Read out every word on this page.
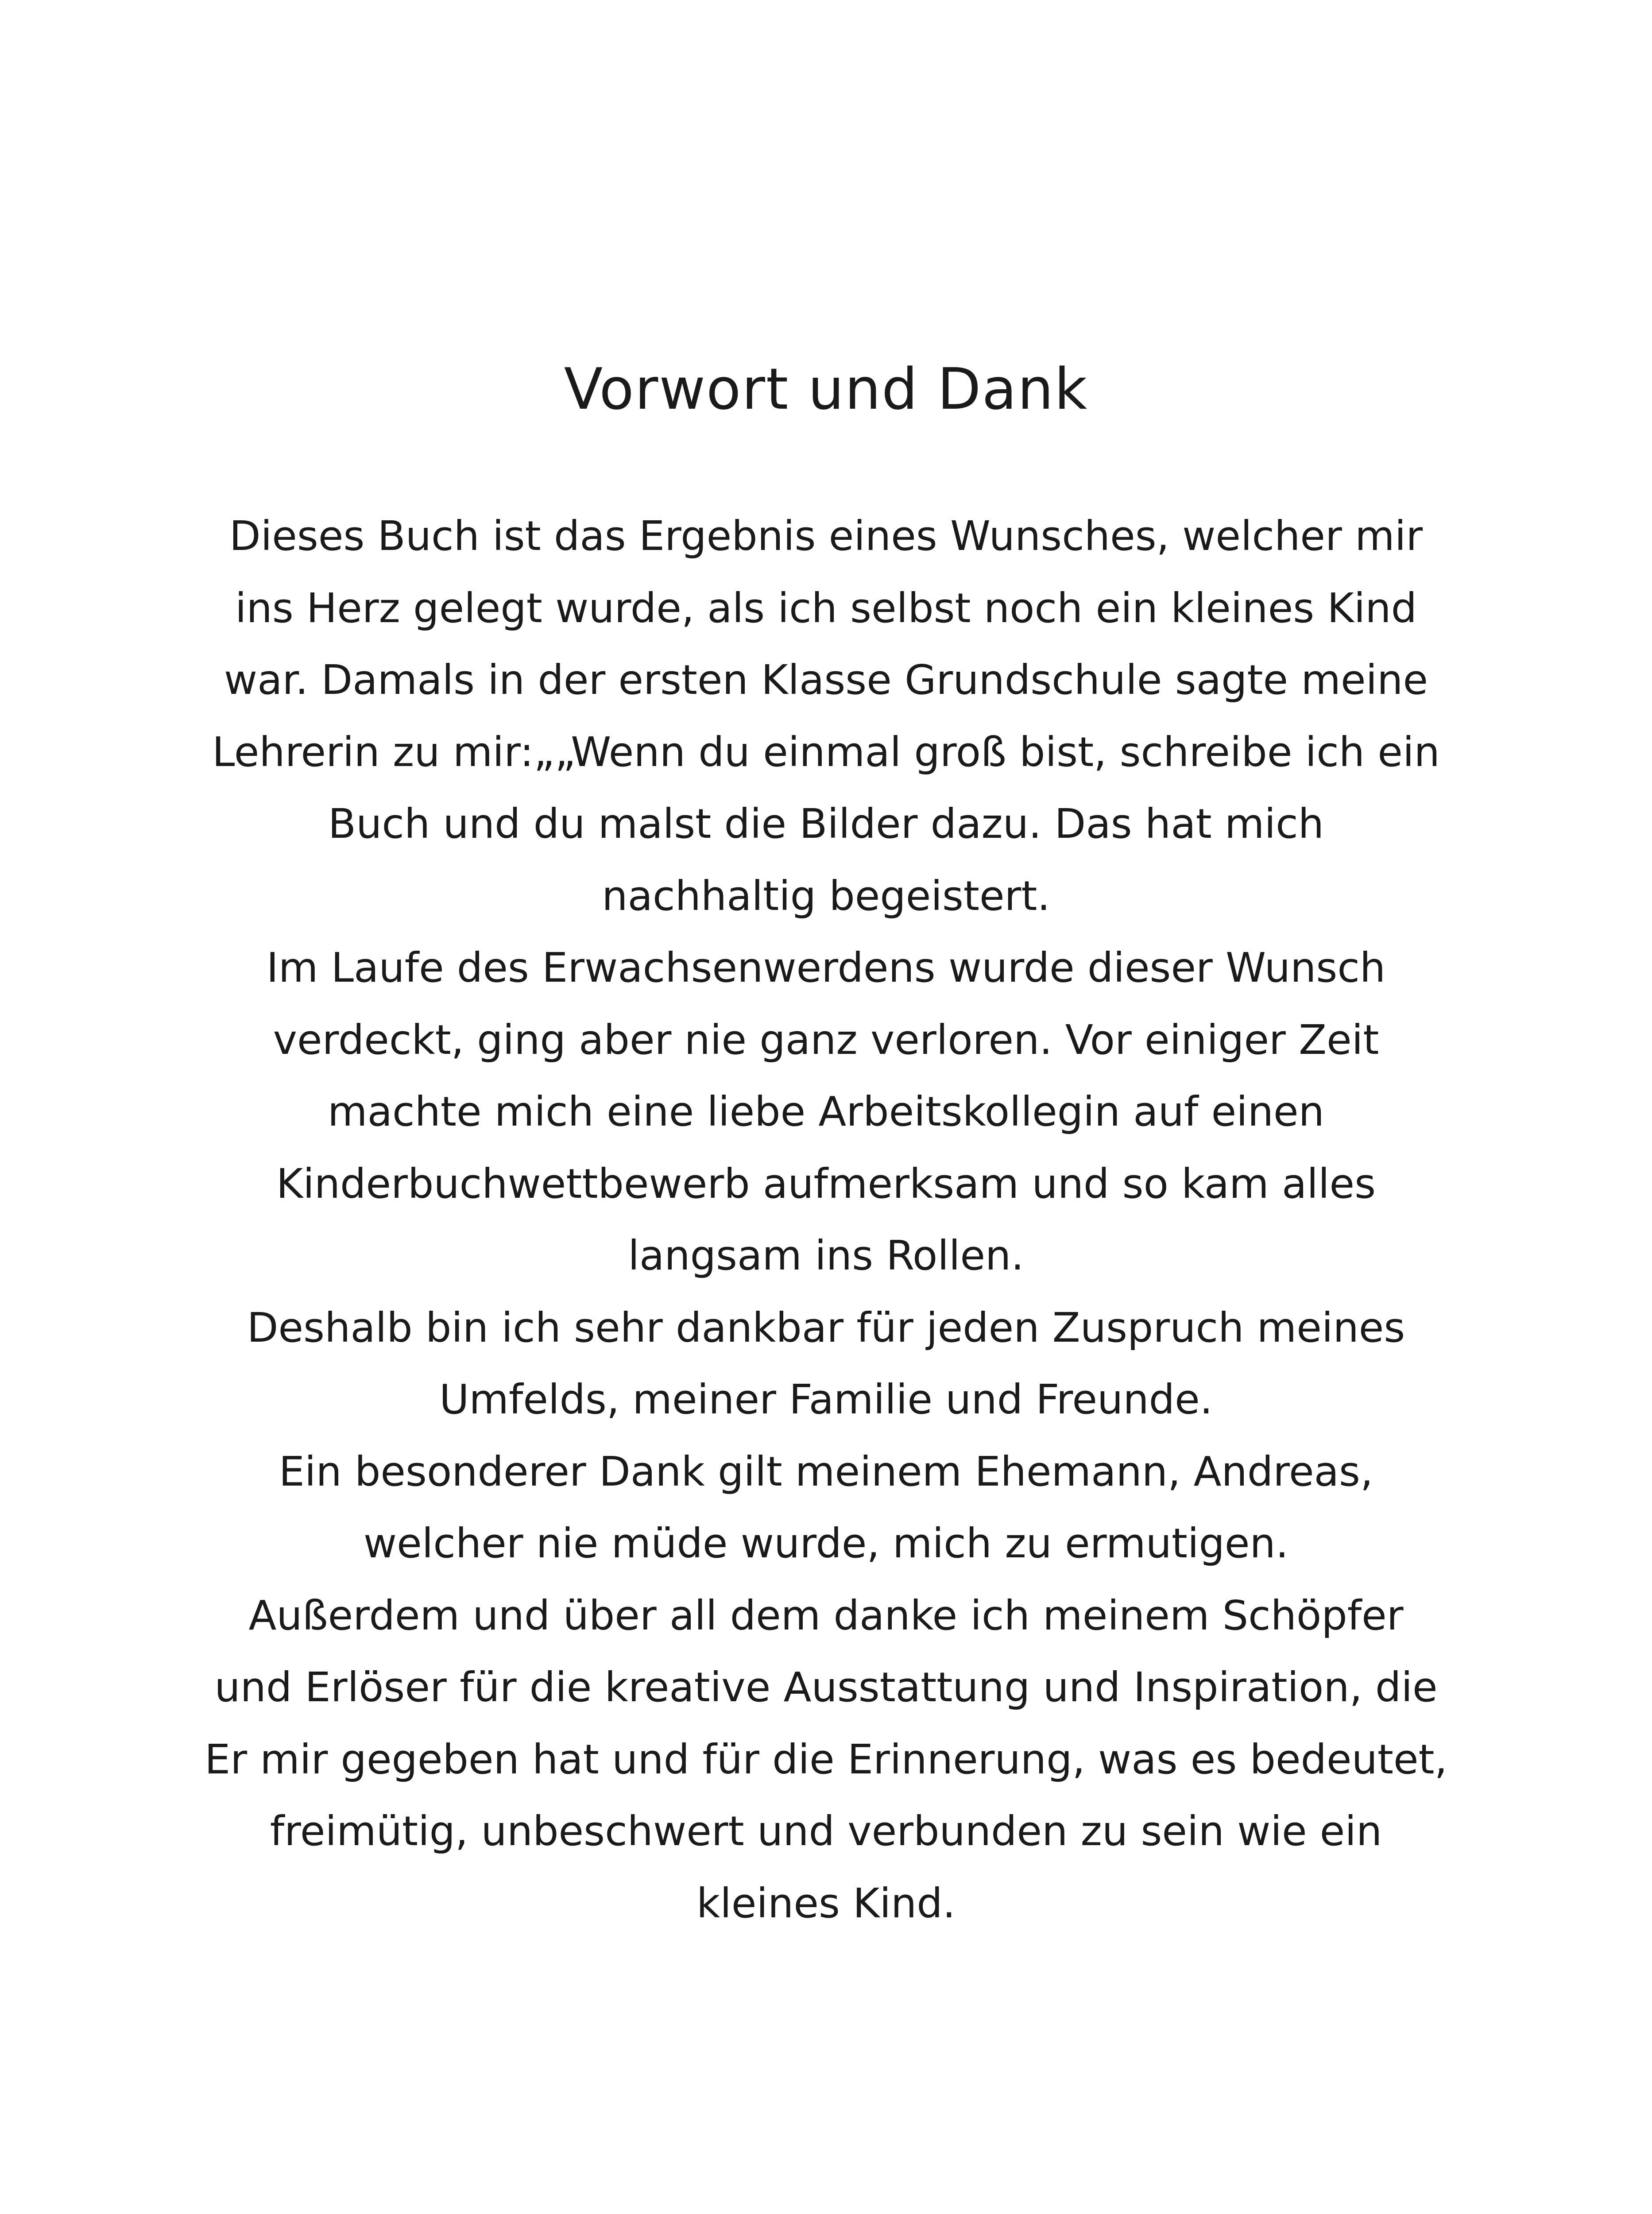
Vorwort und Dank
Dieses Buch ist das Ergebnis eines Wunsches, welcher mir
ins Herz gelegt wurde, als ich selbst noch ein kleines Kind
war. Damals in der ersten Klasse Grundschule sagte meine
Lehrerin zu mir:„„Wenn du einmal groß bist, schreibe ich ein
Buch und du malst die Bilder dazu. Das hat mich
nachhaltig begeistert.
Im Laufe des Erwachsenwerdens wurde dieser Wunsch
verdeckt, ging aber nie ganz verloren. Vor einiger Zeit
machte mich eine liebe Arbeitskollegin auf einen
Kinderbuchwettbewerb aufmerksam und so kam alles
langsam ins Rollen.
Deshalb bin ich sehr dankbar für jeden Zuspruch meines
Umfelds, meiner Familie und Freunde.
Ein besonderer Dank gilt meinem Ehemann, Andreas,
welcher nie müde wurde, mich zu ermutigen.
Außerdem und über all dem danke ich meinem Schöpfer
und Erlöser für die kreative Ausstattung und Inspiration, die
Er mir gegeben hat und für die Erinnerung, was es bedeutet,
freimütig, unbeschwert und verbunden zu sein wie ein
kleines Kind.
